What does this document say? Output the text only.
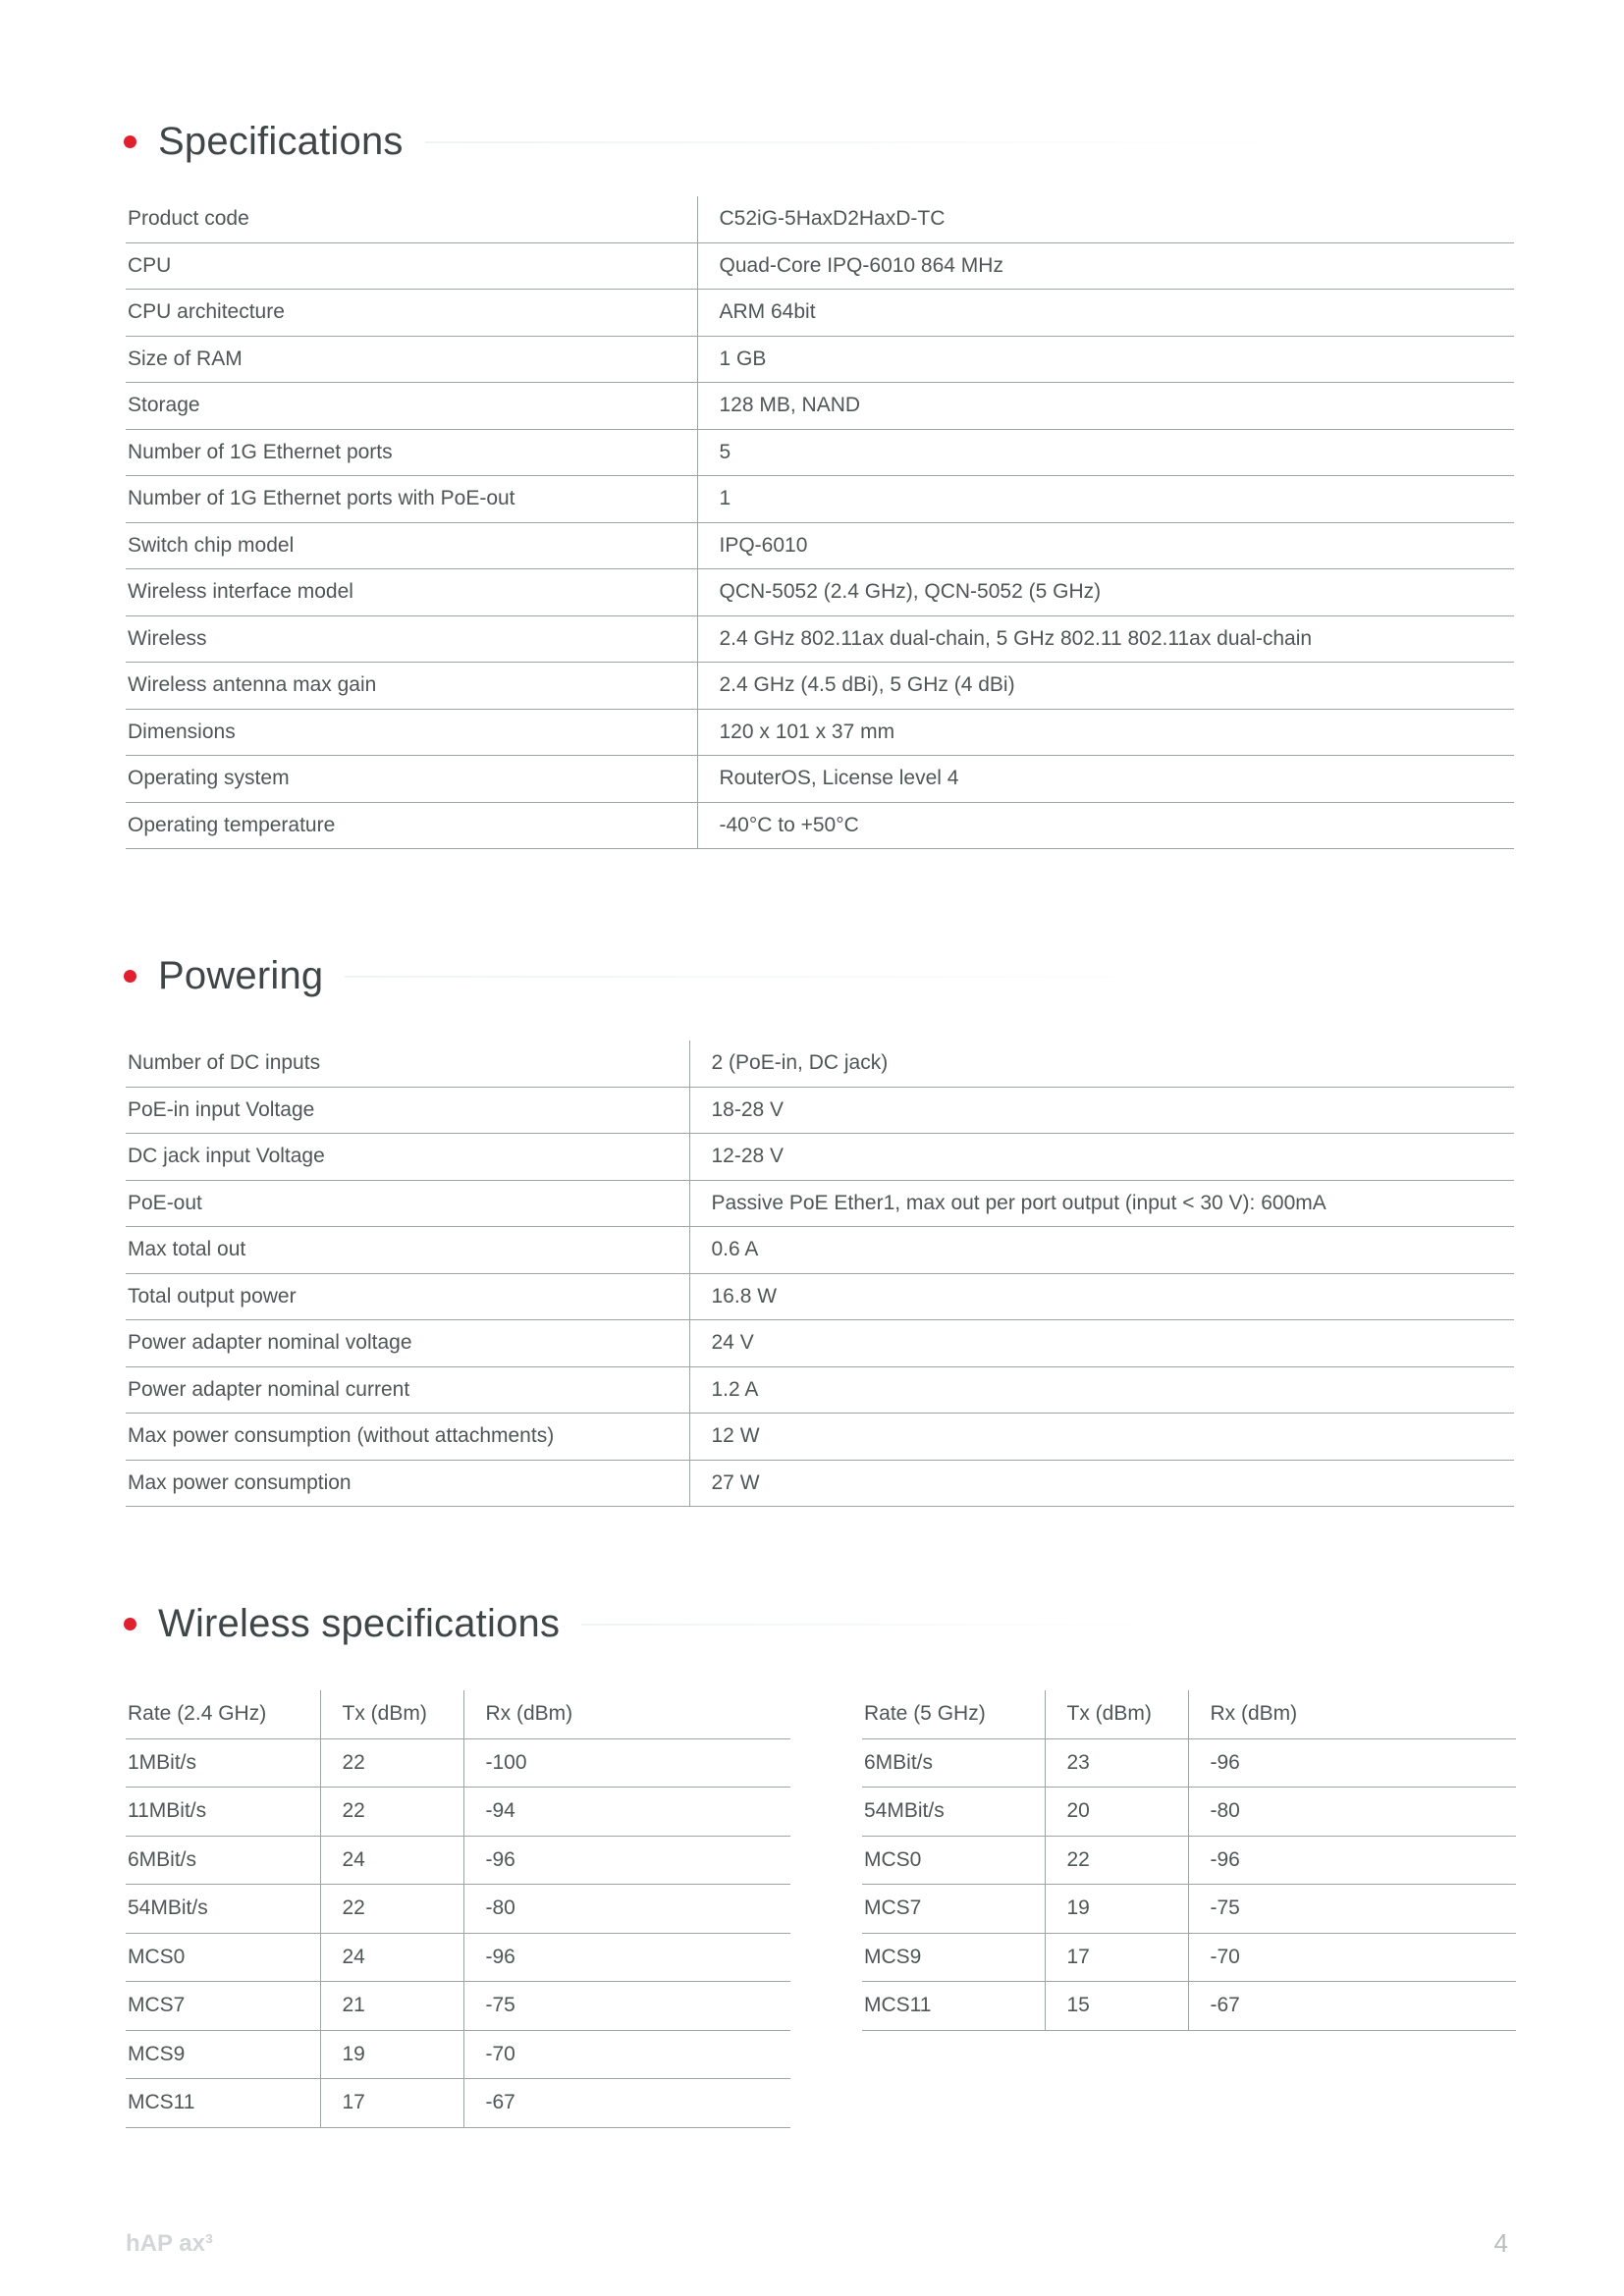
Specifications
Product code	C52iG-5HaxD2HaxD-TC
CPU	Quad-Core IPQ-6010 864 MHz
CPU architecture	ARM 64bit
Size of RAM	1 GB
Storage	128 MB, NAND
Number of 1G Ethernet ports	5
Number of 1G Ethernet ports with PoE-out	1
Switch chip model	IPQ-6010
Wireless interface model	QCN-5052 (2.4 GHz), QCN-5052 (5 GHz)
Wireless	2.4 GHz 802.11ax dual-chain, 5 GHz 802.11 802.11ax dual-chain
Wireless antenna max gain	2.4 GHz (4.5 dBi), 5 GHz (4 dBi)
Dimensions	120 x 101 x 37 mm
Operating system	RouterOS, License level 4
Operating temperature	-40°C to +50°C
Powering
Number of DC inputs	2 (PoE-in, DC jack)
PoE-in input Voltage	18-28 V
DC jack input Voltage	12-28 V
PoE-out	Passive PoE Ether1, max out per port output (input < 30 V): 600mA
Max total out	0.6 A
Total output power	16.8 W
Power adapter nominal voltage	24 V
Power adapter nominal current	1.2 A
Max power consumption (without attachments)	12 W
Max power consumption	27 W
Wireless specifications
Rate (2.4 GHz)	Tx (dBm)	Rx (dBm)
1MBit/s	22	-100
11MBit/s	22	-94
6MBit/s	24	-96
54MBit/s	22	-80
MCS0	24	-96
MCS7	21	-75
MCS9	19	-70
MCS11	17	-67
Rate (5 GHz)	Tx (dBm)	Rx (dBm)
6MBit/s	23	-96
54MBit/s	20	-80
MCS0	22	-96
MCS7	19	-75
MCS9	17	-70
MCS11	15	-67
hAP ax³	4
